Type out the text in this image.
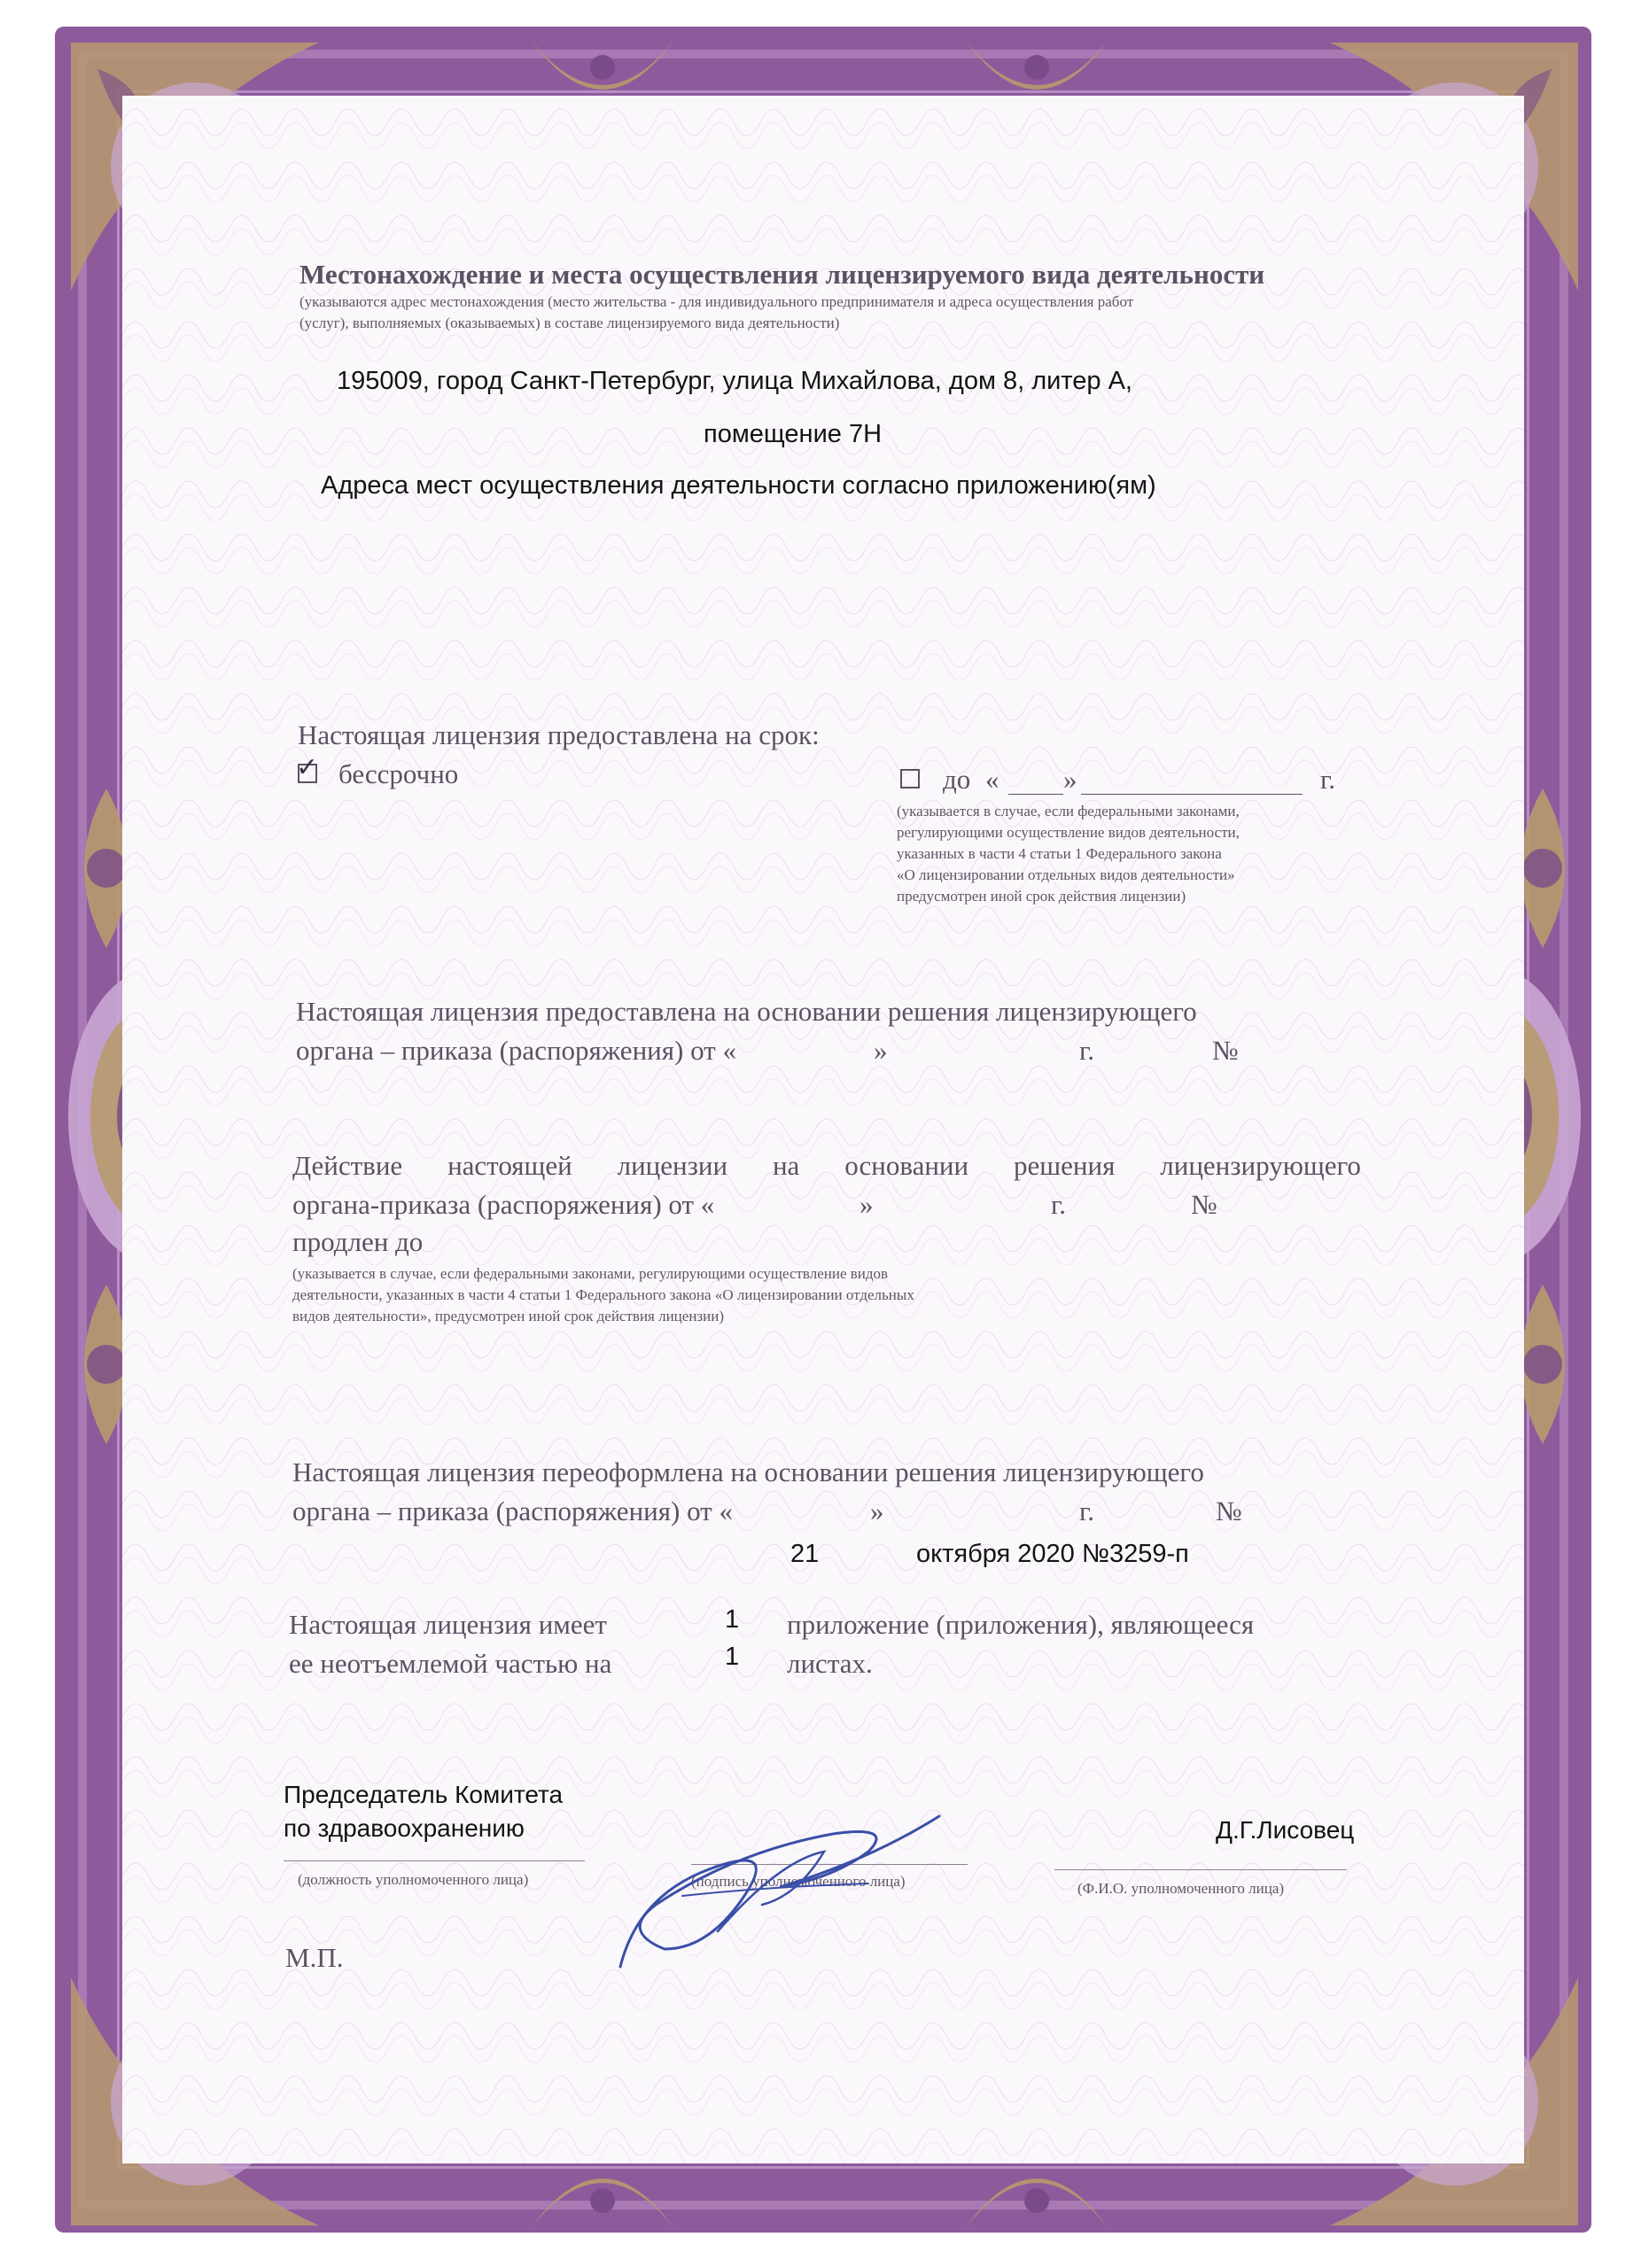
Местонахождение и места осуществления лицензируемого вида деятельности
(указываются адрес местонахождения (место жительства - для индивидуального предпринимателя и адреса осуществления работ
(услуг), выполняемых (оказываемых) в составе лицензируемого вида деятельности)
195009, город Санкт-Петербург, улица Михайлова, дом 8, литер А,
помещение 7Н
Адреса мест осуществления деятельности согласно приложению(ям)
Настоящая лицензия предоставлена на срок:
✓ бессрочно	до « »	г.
(указывается в случае, если федеральными законами,
регулирующими осуществление видов деятельности,
указанных в части 4 статьи 1 Федерального закона
«О лицензировании отдельных видов деятельности»
предусмотрен иной срок действия лицензии)
Настоящая лицензия предоставлена на основании решения лицензирующего
органа – приказа (распоряжения) от «	»	г.	№
Действие настоящей лицензии на основании решения лицензирующего
органа-приказа (распоряжения) от «	»	г.	№
продлен до
(указывается в случае, если федеральными законами, регулирующими осуществление видов
деятельности, указанных в части 4 статьи 1 Федерального закона «О лицензировании отдельных
видов деятельности», предусмотрен иной срок действия лицензии)
Настоящая лицензия переоформлена на основании решения лицензирующего
органа – приказа (распоряжения) от «	»	г.	№
21	октября 2020 №3259-п
Настоящая лицензия имеет	1 приложение (приложения), являющееся
ее неотъемлемой частью на	1 листах.
Председатель Комитета
по здравоохранению
(должность уполномоченного лица)	(подпись уполномоченного лица)
Д.Г.Лисовец
(Ф.И.О. уполномоченного лица)
М.П.
